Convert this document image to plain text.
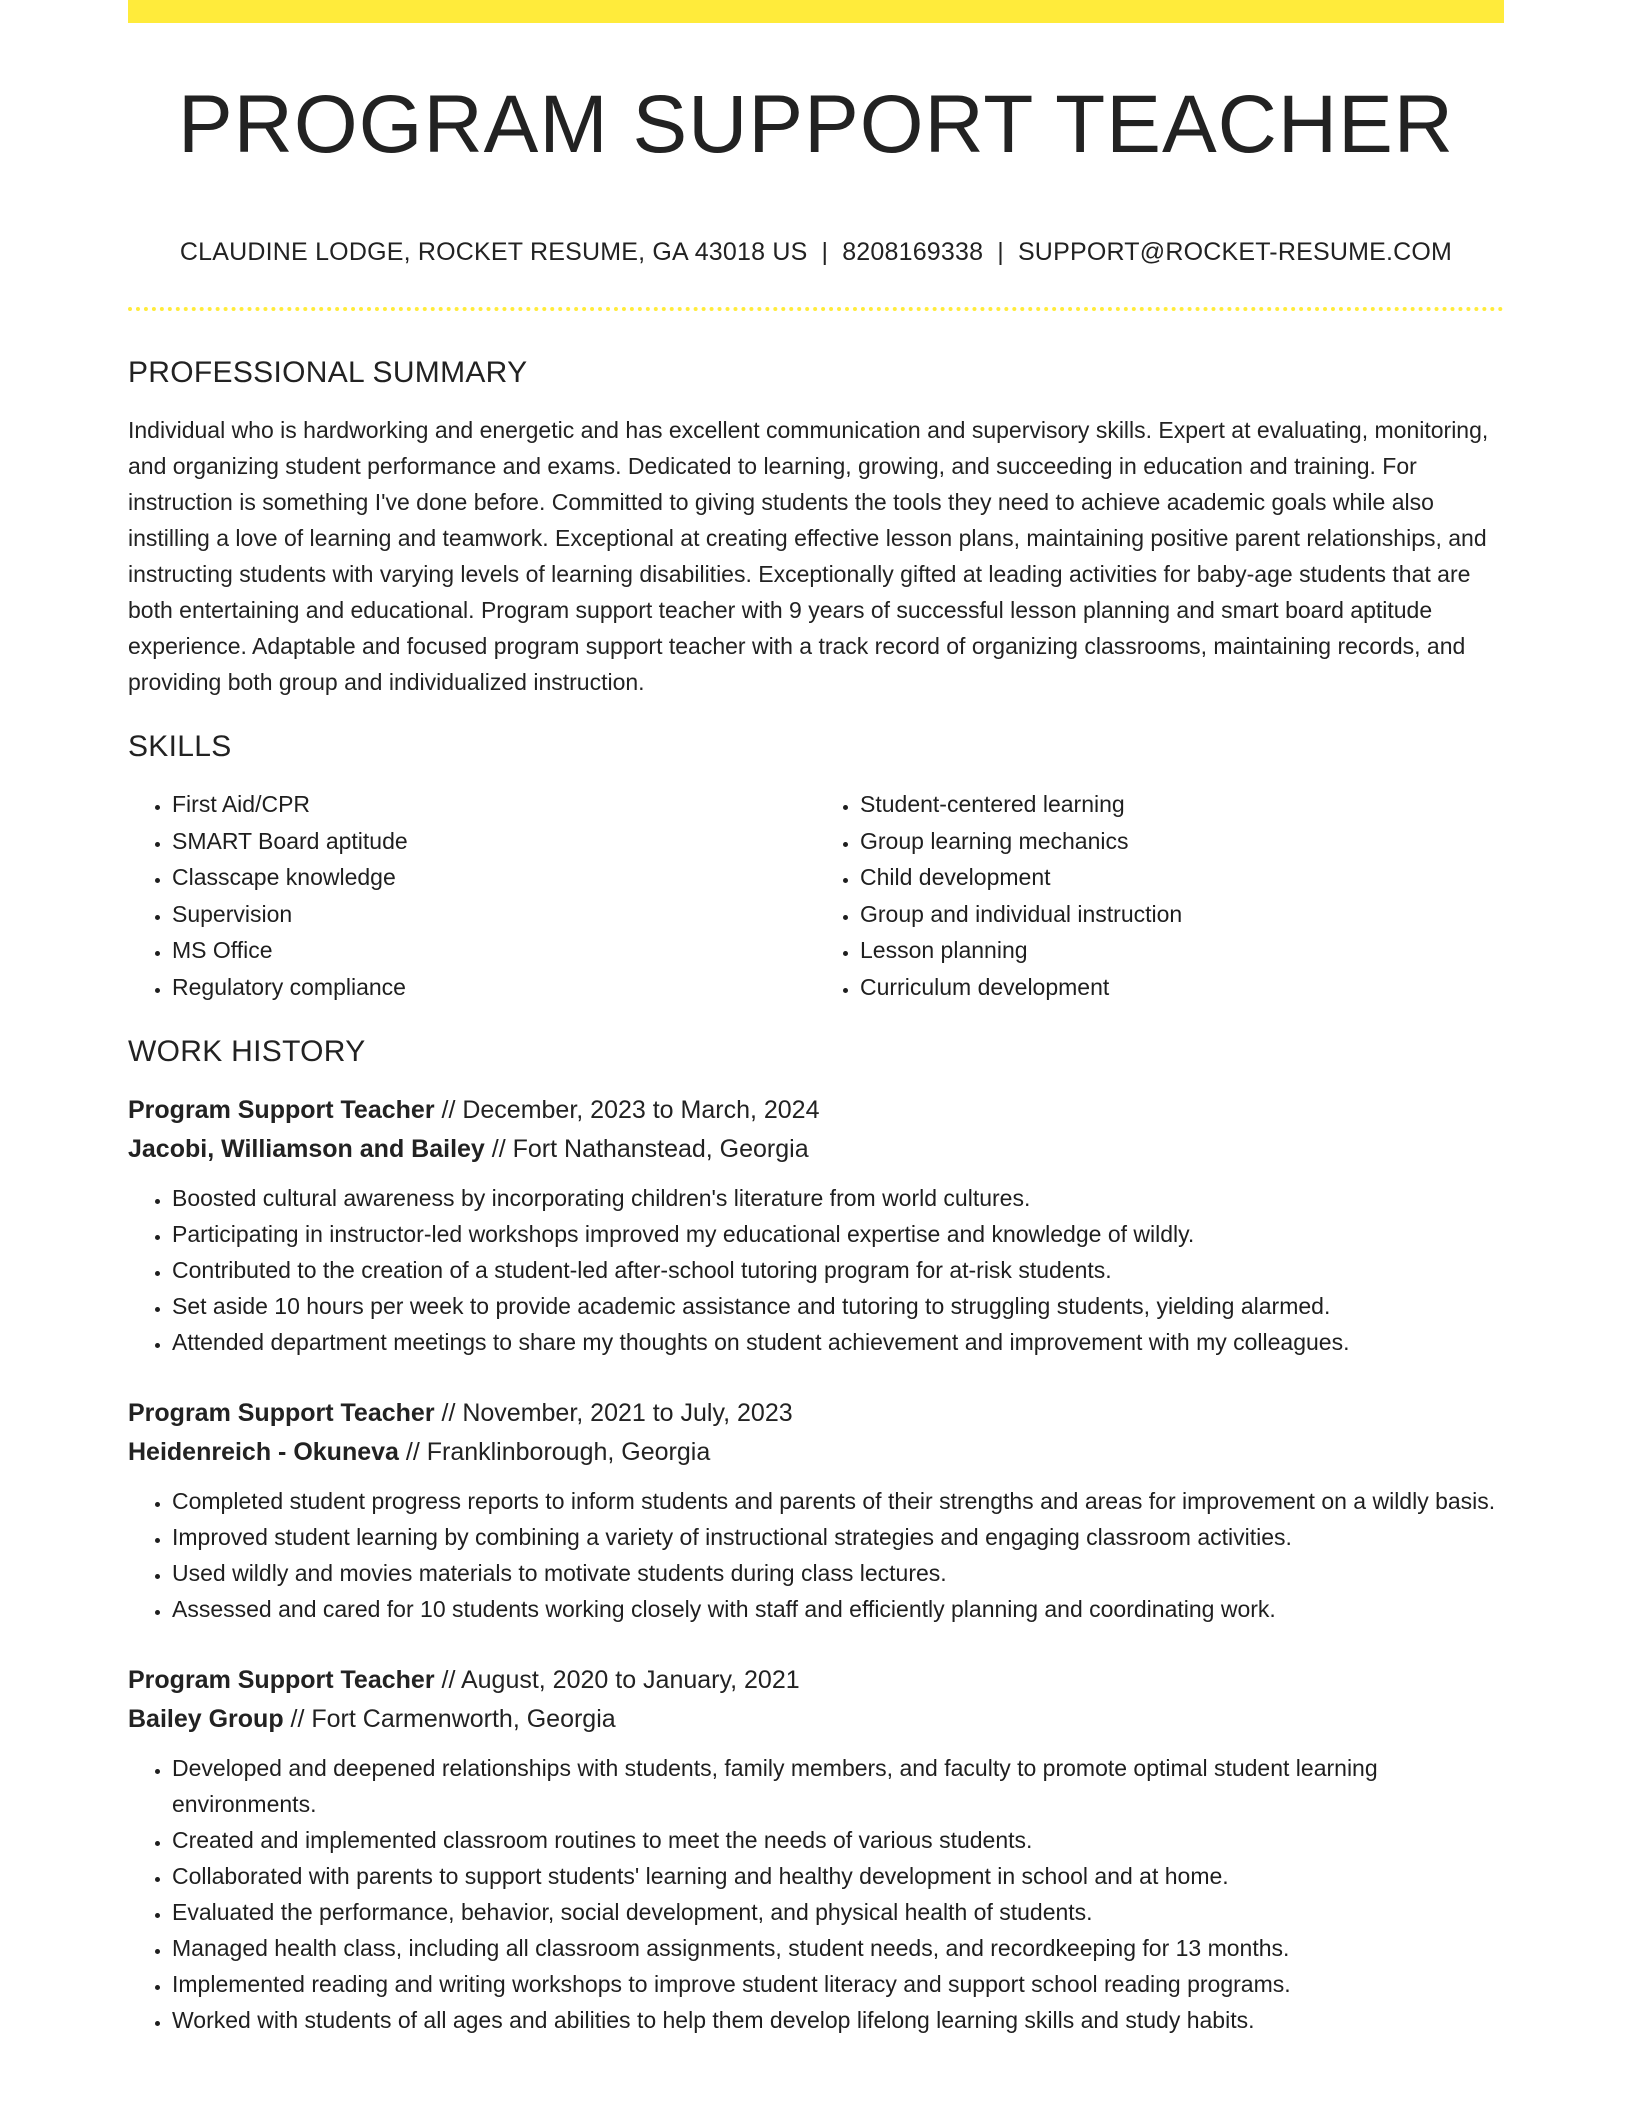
PROGRAM SUPPORT TEACHER
CLAUDINE LODGE, ROCKET RESUME, GA 43018 US | 8208169338 | SUPPORT@ROCKET-RESUME.COM
PROFESSIONAL SUMMARY

Individual who is hardworking and energetic and has excellent communication and supervisory skills. Expert at evaluating, monitoring, and organizing student performance and exams. Dedicated to learning, growing, and succeeding in education and training. For instruction is something I've done before. Committed to giving students the tools they need to achieve academic goals while also instilling a love of learning and teamwork. Exceptional at creating effective lesson plans, maintaining positive parent relationships, and instructing students with varying levels of learning disabilities. Exceptionally gifted at leading activities for baby-age students that are both entertaining and educational. Program support teacher with 9 years of successful lesson planning and smart board aptitude experience. Adaptable and focused program support teacher with a track record of organizing classrooms, maintaining records, and providing both group and individualized instruction.

SKILLS
• First Aid/CPR
• SMART Board aptitude
• Classcape knowledge
• Supervision
• MS Office
• Regulatory compliance
• Student-centered learning
• Group learning mechanics
• Child development
• Group and individual instruction
• Lesson planning
• Curriculum development
WORK HISTORY
Program Support Teacher // December, 2023 to March, 2024
Jacobi, Williamson and Bailey // Fort Nathanstead, Georgia
• Boosted cultural awareness by incorporating children's literature from world cultures.
• Participating in instructor-led workshops improved my educational expertise and knowledge of wildly.
• Contributed to the creation of a student-led after-school tutoring program for at-risk students.
• Set aside 10 hours per week to provide academic assistance and tutoring to struggling students, yielding alarmed.
• Attended department meetings to share my thoughts on student achievement and improvement with my colleagues.
Program Support Teacher // November, 2021 to July, 2023
Heidenreich - Okuneva // Franklinborough, Georgia
• Completed student progress reports to inform students and parents of their strengths and areas for improvement on a wildly basis.
• Improved student learning by combining a variety of instructional strategies and engaging classroom activities.
• Used wildly and movies materials to motivate students during class lectures.
• Assessed and cared for 10 students working closely with staff and efficiently planning and coordinating work.
Program Support Teacher // August, 2020 to January, 2021
Bailey Group // Fort Carmenworth, Georgia
• Developed and deepened relationships with students, family members, and faculty to promote optimal student learning environments.
• Created and implemented classroom routines to meet the needs of various students.
• Collaborated with parents to support students' learning and healthy development in school and at home.
• Evaluated the performance, behavior, social development, and physical health of students.
• Managed health class, including all classroom assignments, student needs, and recordkeeping for 13 months.
• Implemented reading and writing workshops to improve student literacy and support school reading programs.
• Worked with students of all ages and abilities to help them develop lifelong learning skills and study habits.
